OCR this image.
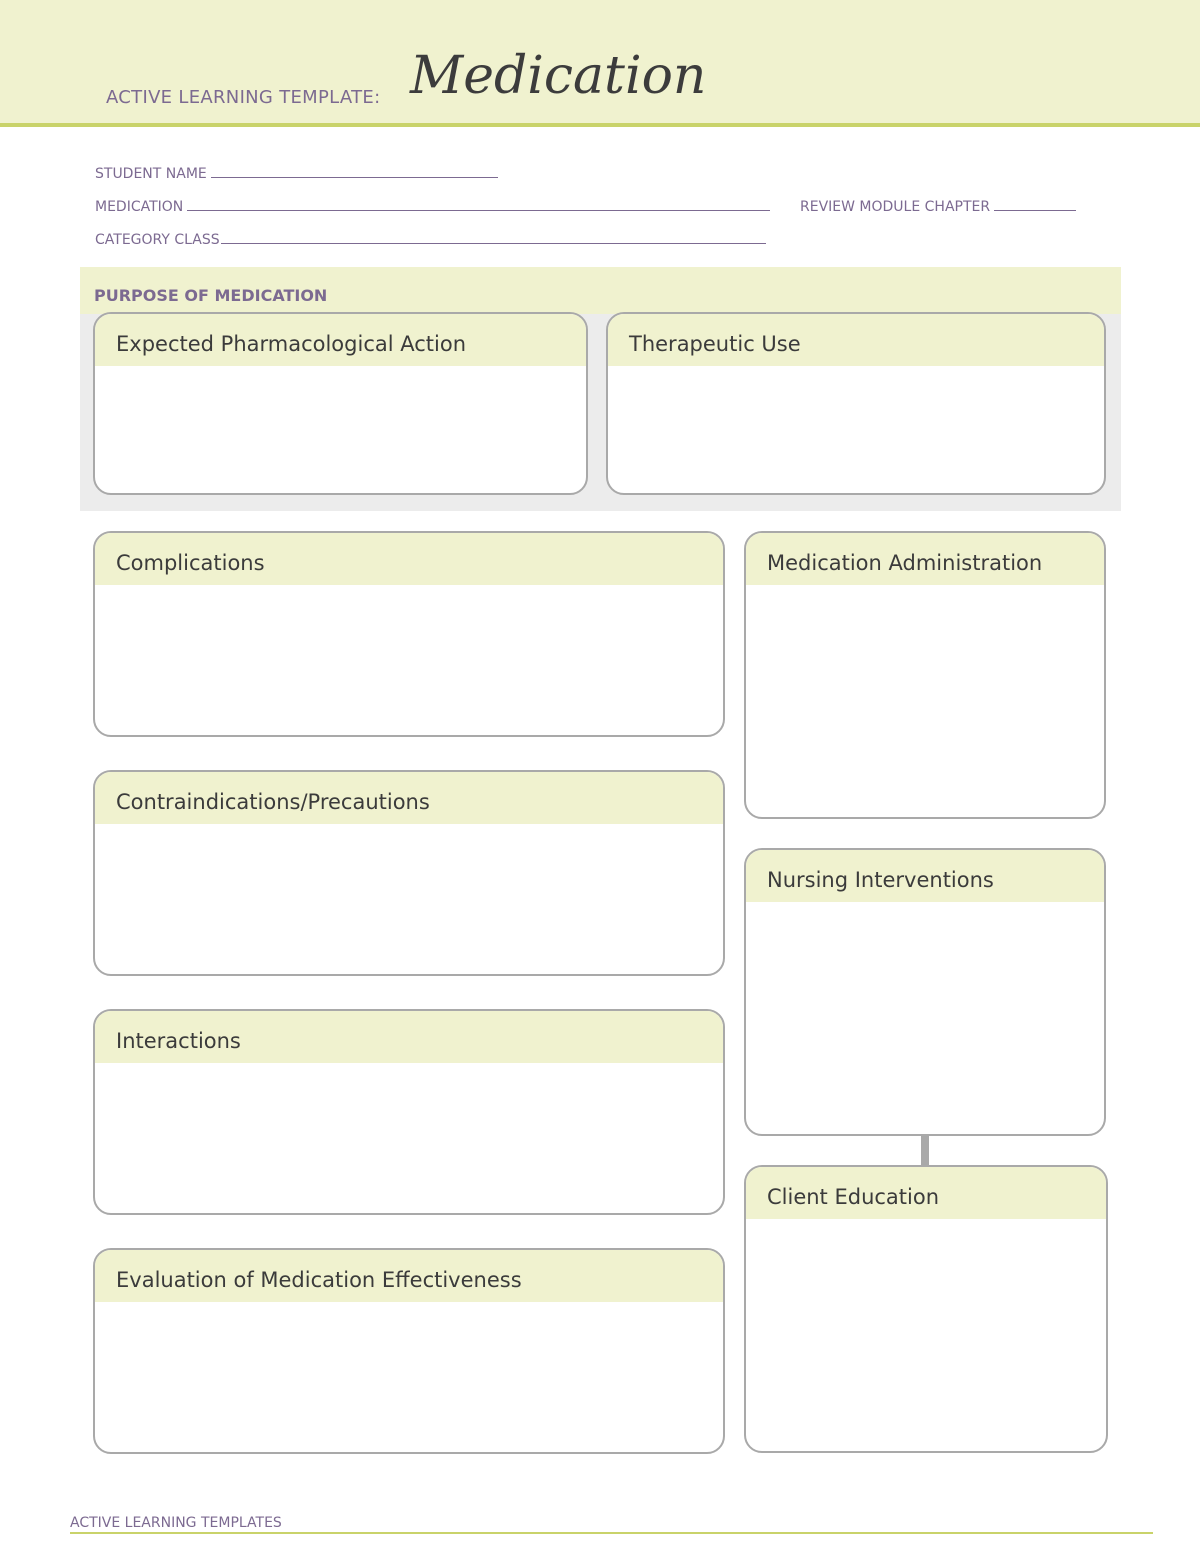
ACTIVE LEARNING TEMPLATE: Medication
STUDENT NAME
MEDICATION	REVIEW MODULE CHAPTER
CATEGORY CLASS
PURPOSE OF MEDICATION
Expected Pharmacological Action	Therapeutic Use
Complications
Contraindications/Precautions
Interactions
Evaluation of Medication Effectiveness
Medication Administration
Nursing Interventions
Client Education
ACTIVE LEARNING TEMPLATES
